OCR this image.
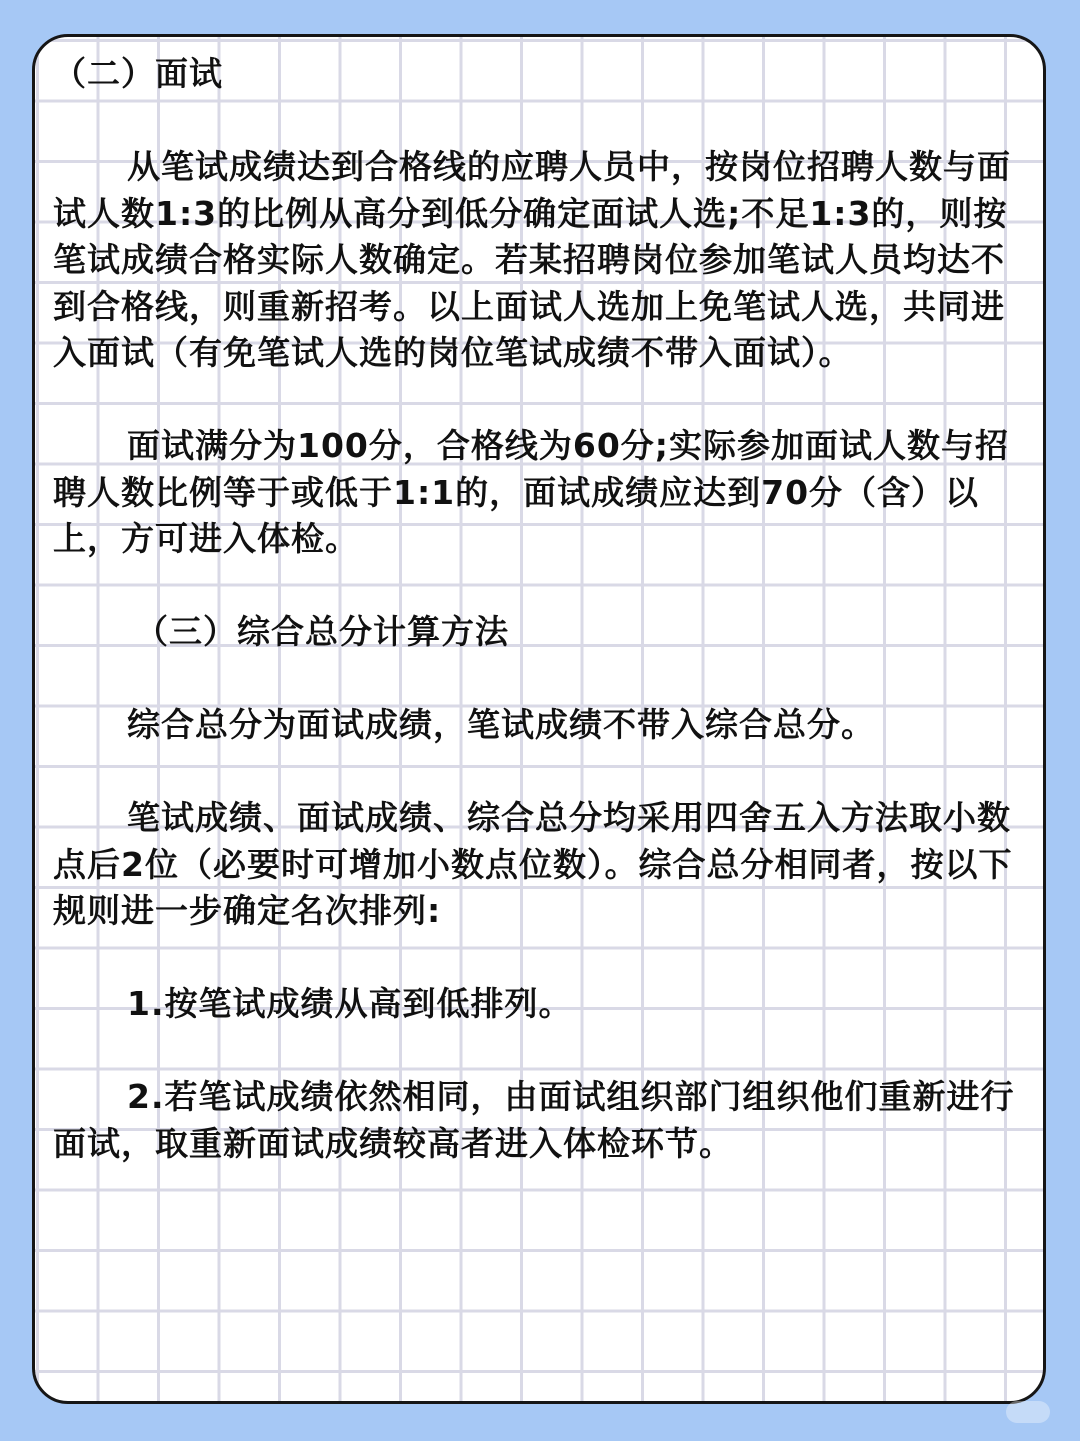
（二）面试

从笔试成绩达到合格线的应聘人员中，按岗位招聘人数与面试人数1:3的比例从高分到低分确定面试人选;不足1:3的，则按笔试成绩合格实际人数确定。若某招聘岗位参加笔试人员均达不到合格线，则重新招考。以上面试人选加上免笔试人选，共同进入面试（有免笔试人选的岗位笔试成绩不带入面试）。

面试满分为100分，合格线为60分;实际参加面试人数与招聘人数比例等于或低于1:1的，面试成绩应达到70分（含）以上，方可进入体检。

（三）综合总分计算方法

综合总分为面试成绩，笔试成绩不带入综合总分。

笔试成绩、面试成绩、综合总分均采用四舍五入方法取小数点后2位（必要时可增加小数点位数）。综合总分相同者，按以下规则进一步确定名次排列:

1.按笔试成绩从高到低排列。

2.若笔试成绩依然相同，由面试组织部门组织他们重新进行面试，取重新面试成绩较高者进入体检环节。
